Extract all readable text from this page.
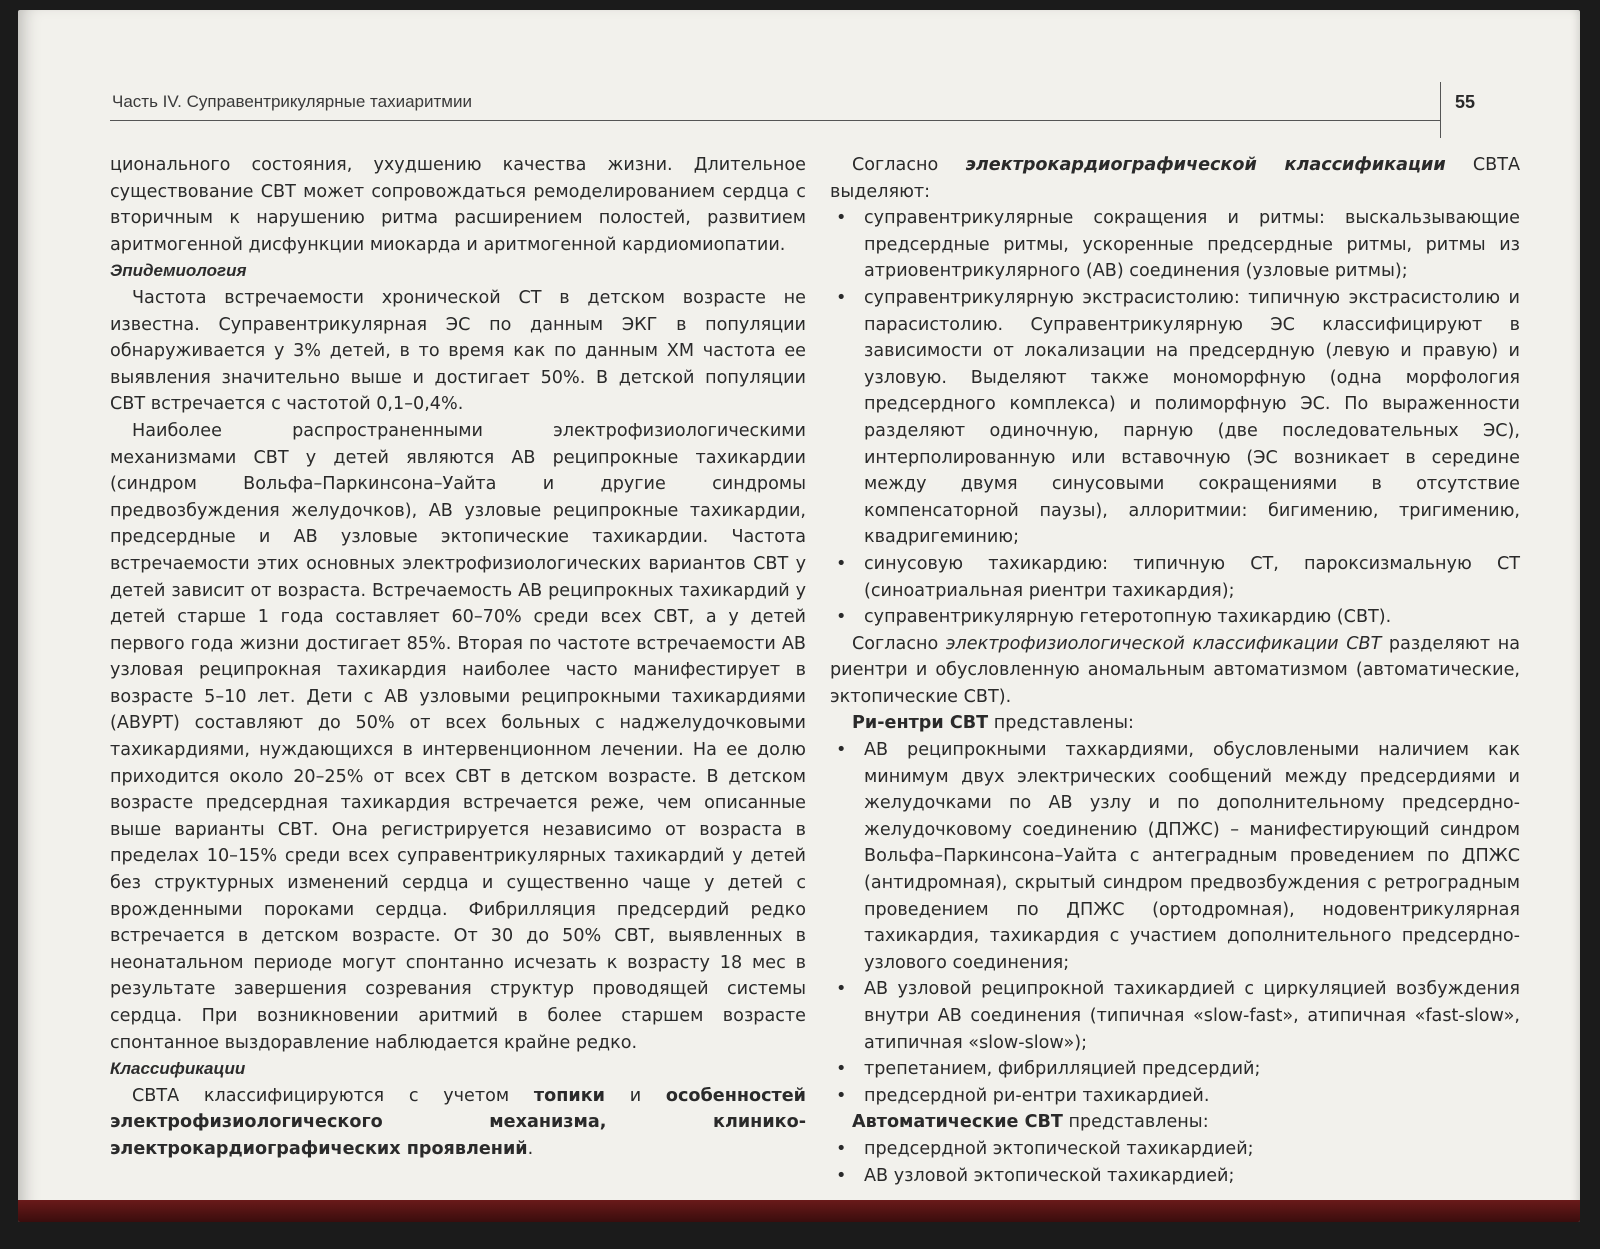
Часть IV. Суправентрикулярные тахиаритмии	55

ционального состояния, ухудшению качества жизни. Длительное существование СВТ может сопровождаться ремоделированием сердца с вторичным к нарушению ритма расширением полостей, развитием аритмогенной дисфункции миокарда и аритмогенной кардиомиопатии.

Эпидемиология

Частота встречаемости хронической СТ в детском возрасте не известна. Суправентрикулярная ЭС по данным ЭКГ в популяции обнаруживается у 3% детей, в то время как по данным ХМ частота ее выявления значительно выше и достигает 50%. В детской популяции СВТ встречается с частотой 0,1–0,4%.

Наиболее распространенными электрофизиологическими механизмами СВТ у детей являются АВ реципрокные тахикардии (синдром Вольфа–Паркинсона–Уайта и другие синдромы предвозбуждения желудочков), АВ узловые реципрокные тахикардии, предсердные и АВ узловые эктопические тахикардии. Частота встречаемости этих основных электрофизиологических вариантов СВТ у детей зависит от возраста. Встречаемость АВ реципрокных тахикардий у детей старше 1 года составляет 60–70% среди всех СВТ, а у детей первого года жизни достигает 85%. Вторая по частоте встречаемости АВ узловая реципрокная тахикардия наиболее часто манифестирует в возрасте 5–10 лет. Дети с АВ узловыми реципрокными тахикардиями (АВУРТ) составляют до 50% от всех больных с наджелудочковыми тахикардиями, нуждающихся в интервенционном лечении. На ее долю приходится около 20–25% от всех СВТ в детском возрасте. В детском возрасте предсердная тахикардия встречается реже, чем описанные выше варианты СВТ. Она регистрируется независимо от возраста в пределах 10–15% среди всех суправентрикулярных тахикардий у детей без структурных изменений сердца и существенно чаще у детей с врожденными пороками сердца. Фибрилляция предсердий редко встречается в детском возрасте. От 30 до 50% СВТ, выявленных в неонатальном периоде могут спонтанно исчезать к возрасту 18 мес в результате завершения созревания структур проводящей системы сердца. При возникновении аритмий в более старшем возрасте спонтанное выздоравление наблюдается крайне редко.

Классификации

СВТА классифицируются с учетом топики и особенностей электрофизиологического механизма, клинико-электрокардиографических проявлений.

Согласно электрокардиографической классификации СВТА выделяют:

• суправентрикулярные сокращения и ритмы: выскальзывающие предсердные ритмы, ускоренные предсердные ритмы, ритмы из атриовентрикулярного (АВ) соединения (узловые ритмы);
• суправентрикулярную экстрасистолию: типичную экстрасистолию и парасистолию. Суправентрикулярную ЭС классифицируют в зависимости от локализации на предсердную (левую и правую) и узловую. Выделяют также мономорфную (одна морфология предсердного комплекса) и полиморфную ЭС. По выраженности разделяют одиночную, парную (две последовательных ЭС), интерполированную или вставочную (ЭС возникает в середине между двумя синусовыми сокращениями в отсутствие компенсаторной паузы), аллоритмии: бигимению, тригимению, квадригеминию;
• синусовую тахикардию: типичную СТ, пароксизмальную СТ (синоатриальная риентри тахикардия);
• суправентрикулярную гетеротопную тахикардию (СВТ).

Согласно электрофизиологической классификации СВТ разделяют на риентри и обусловленную аномальным автоматизмом (автоматические, эктопические СВТ).

Ри-ентри СВТ представлены:

• АВ реципрокными тахкардиями, обусловлеными наличием как минимум двух электрических сообщений между предсердиями и желудочками по АВ узлу и по дополнительному предсердно-желудочковому соединению (ДПЖС) – манифестирующий синдром Вольфа–Паркинсона–Уайта с антеградным проведением по ДПЖС (антидромная), скрытый синдром предвозбуждения с ретроградным проведением по ДПЖС (ортодромная), нодовентрикулярная тахикардия, тахикардия с участием дополнительного предсердно-узлового соединения;
• АВ узловой реципрокной тахикардией с циркуляцией возбуждения внутри АВ соединения (типичная «slow-fast», атипичная «fast-slow», атипичная «slow-slow»);
• трепетанием, фибрилляцией предсердий;
• предсердной ри-ентри тахикардией.

Автоматические СВТ представлены:

• предсердной эктопической тахикардией;
• АВ узловой эктопической тахикардией;
